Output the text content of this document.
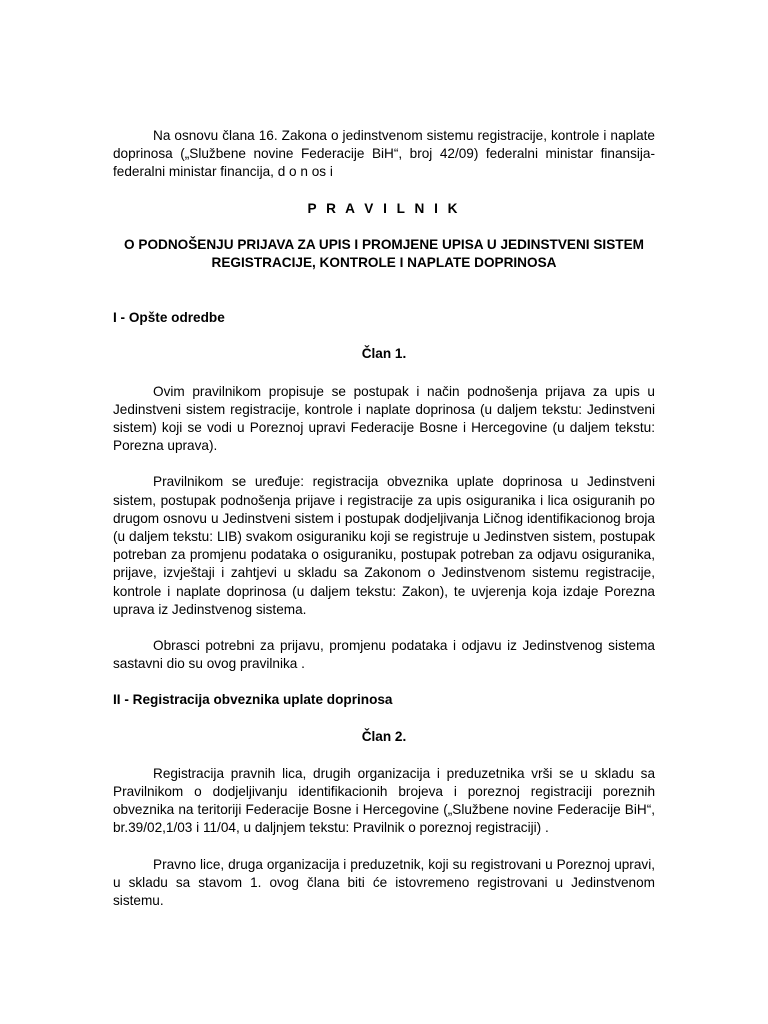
Na osnovu člana 16. Zakona o jedinstvenom sistemu registracije, kontrole i naplate doprinosa („Službene novine Federacije BiH“, broj 42/09) federalni ministar finansija-federalni ministar financija, d o n os i

P R A V I L N I K

O PODNOŠENJU PRIJAVA ZA UPIS I PROMJENE UPISA U JEDINSTVENI SISTEM REGISTRACIJE, KONTROLE I NAPLATE DOPRINOSA

I - Opšte odredbe

Član 1.

Ovim pravilnikom propisuje se postupak i način podnošenja prijava za upis u Jedinstveni sistem registracije, kontrole i naplate doprinosa (u daljem tekstu: Jedinstveni sistem) koji se vodi u Poreznoj upravi Federacije Bosne i Hercegovine (u daljem tekstu: Porezna uprava).

Pravilnikom se uređuje: registracija obveznika uplate doprinosa u Jedinstveni sistem, postupak podnošenja prijave i registracije za upis osiguranika i lica osiguranih po drugom osnovu u Jedinstveni sistem i postupak dodjeljivanja Ličnog identifikacionog broja (u daljem tekstu: LIB) svakom osiguraniku koji se registruje u Jedinstven sistem, postupak potreban za promjenu podataka o osiguraniku, postupak potreban za odjavu osiguranika, prijave, izvještaji i zahtjevi u skladu sa Zakonom o Jedinstvenom sistemu registracije, kontrole i naplate doprinosa (u daljem tekstu: Zakon), te uvjerenja koja izdaje Porezna uprava iz Jedinstvenog sistema.

Obrasci potrebni za prijavu, promjenu podataka i odjavu iz Jedinstvenog sistema sastavni dio su ovog pravilnika .

II - Registracija obveznika uplate doprinosa

Član 2.

Registracija pravnih lica, drugih organizacija i preduzetnika vrši se u skladu sa Pravilnikom o dodjeljivanju identifikacionih brojeva i poreznoj registraciji poreznih obveznika na teritoriji Federacije Bosne i Hercegovine („Službene novine Federacije BiH“, br.39/02,1/03 i 11/04, u daljnjem tekstu: Pravilnik o poreznoj registraciji) .

Pravno lice, druga organizacija i preduzetnik, koji su registrovani u Poreznoj upravi, u skladu sa stavom 1. ovog člana biti će istovremeno registrovani u Jedinstvenom sistemu.
